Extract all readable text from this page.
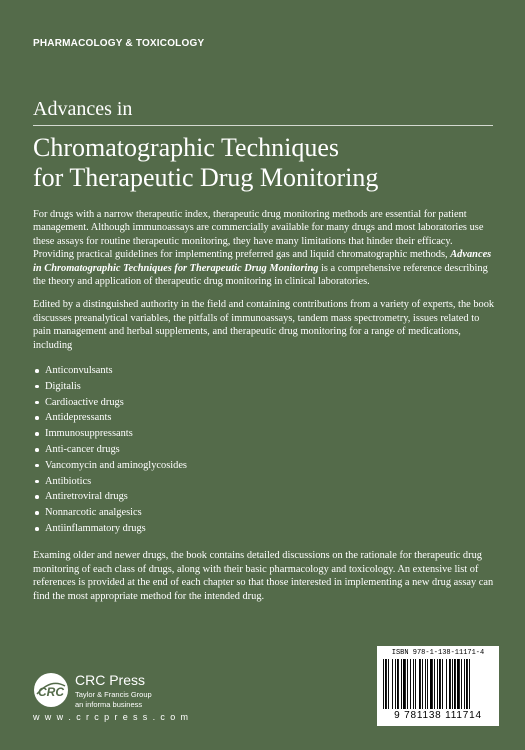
PHARMACOLOGY & TOXICOLOGY
Advances in
Chromatographic Techniques
for Therapeutic Drug Monitoring

For drugs with a narrow therapeutic index, therapeutic drug monitoring methods are essential for patient management. Although immunoassays are commercially available for many drugs and most laboratories use these assays for routine therapeutic monitoring, they have many limitations that hinder their efficacy. Providing practical guidelines for implementing preferred gas and liquid chromatographic methods, Advances in Chromatographic Techniques for Therapeutic Drug Monitoring is a comprehensive reference describing the theory and application of therapeutic drug monitoring in clinical laboratories.

Edited by a distinguished authority in the field and containing contributions from a variety of experts, the book discusses preanalytical variables, the pitfalls of immunoassays, tandem mass spectrometry, issues related to pain management and herbal supplements, and therapeutic drug monitoring for a range of medications, including

Anticonvulsants
Digitalis
Cardioactive drugs
Antidepressants
Immunosuppressants
Anti-cancer drugs
Vancomycin and aminoglycosides
Antibiotics
Antiretroviral drugs
Nonnarcotic analgesics
Antiinflammatory drugs

Examing older and newer drugs, the book contains detailed discussions on the rationale for therapeutic drug monitoring of each class of drugs, along with their basic pharmacology and toxicology. An extensive list of references is provided at the end of each chapter so that those interested in implementing a new drug assay can find the most appropriate method for the intended drug.

CRC
CRC Press
Taylor & Francis Group
an informa business
w w w . c r c p r e s s . c o m
ISBN 978-1-138-11171-4
9 781138 111714
